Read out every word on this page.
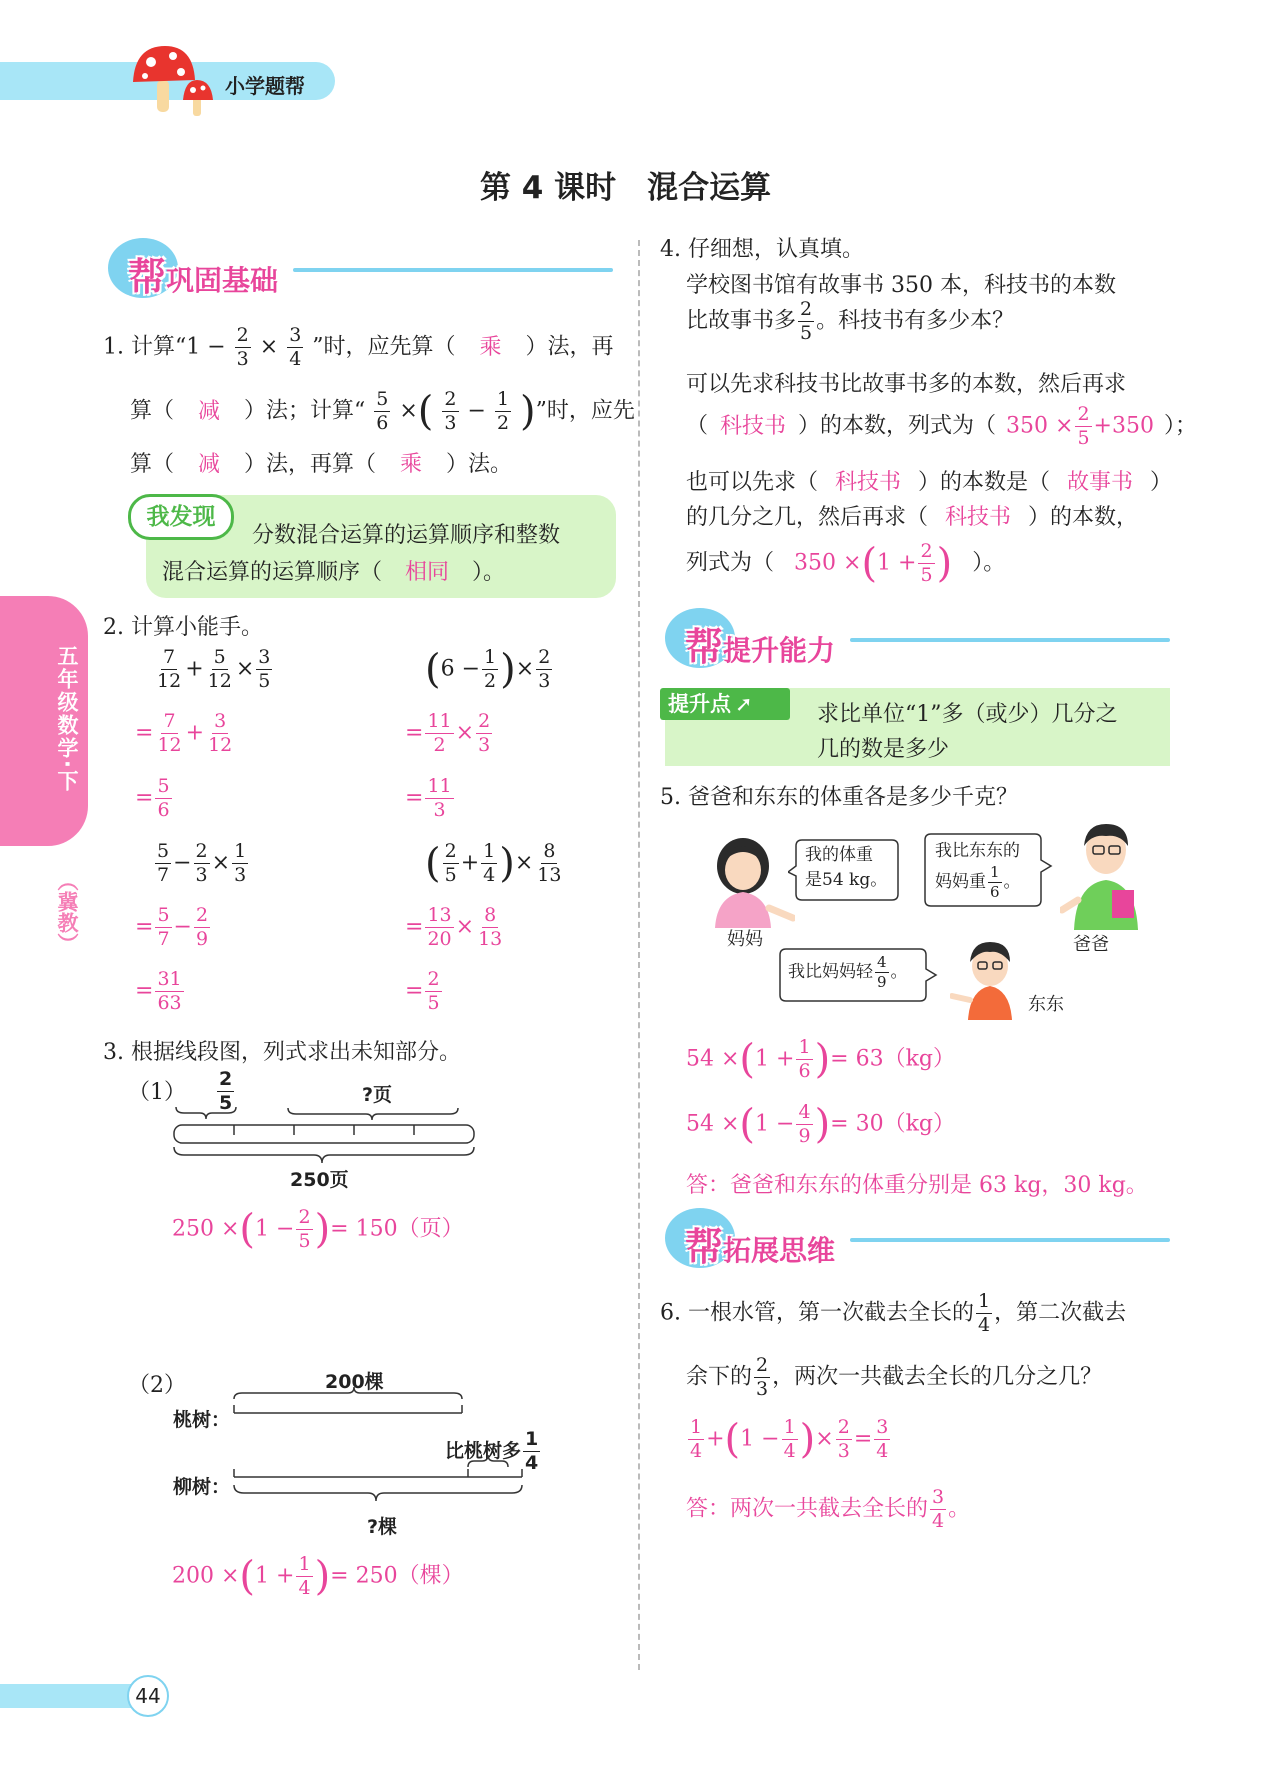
小学题帮
第 4 课时　混合运算
五年级数学·下
（冀教）
44
帮巩固基础
1. 计算“$1 - \frac{2}{3} \times \frac{3}{4}$ ”时，应先算（ 乘 ）法，再
算（ 减 ）法；计算“ $\frac{5}{6}$ ×( $\frac{2}{3} - \frac{1}{2}$ )”时，应先
算（ 减 ）法，再算（ 乘 ）法。
我发现
分数混合运算的运算顺序和整数
混合运算的运算顺序（ 相同 ）。
2. 计算小能手。
$\frac{7}{12} + \frac{5}{12} \times \frac{3}{5}$
= $\frac{7}{12} + \frac{3}{12}$
= $\frac{5}{6}$
($6 - \frac{1}{2}$ )× $\frac{2}{3}$
= $\frac{11}{2} \times \frac{2}{3}$
= $\frac{11}{3}$
$\frac{5}{7} - \frac{2}{3} \times \frac{1}{3}$
= $\frac{5}{7} - \frac{2}{9}$
= $\frac{31}{63}$
( $\frac{2}{5} + \frac{1}{4}$ )× $\frac{8}{13}$
= $\frac{13}{20} \times \frac{8}{13}$
= $\frac{2}{5}$
3. 根据线段图，列式求出未知部分。
$(1) \frac{2}{5}$	?页
250页
$250 \times(1 - \frac{2}{5}$ )= 150（页）
（2）	200棵
桃树：
柳树：
比桃树多 $\frac{1}{4}$
?棵
$200 \times(1 + \frac{1}{4}$ )= 250（棵）
4. 仔细想，认真填。
学校图书馆有故事书 350 本，科技书的本数
比故事书多 $\frac{2}{5}$ 。科技书有多少本？
可以先求科技书比故事书多的本数，然后再求
（ 科技书 ）的本数，列式为（ $350 \times \frac{2}{5} +350$ ）；
也可以先求（ 科技书 ）的本数是（ 故事书 ）
的几分之几，然后再求（ 科技书 ）的本数，
列式为（ $350 \times(1 + \frac{2}{5}$ ) ）。
帮提升能力
提升点 ➚	求比单位“1”多（或少）几分之
几的数是多少
5. 爸爸和东东的体重各是多少千克？
我的体重
是54 kg。
妈妈
我比东东的
妈妈重 $\frac{1}{6}$ 。
爸爸
我比妈妈轻 $\frac{4}{9}$ 。
东东
$54 \times(1 + \frac{1}{6}$ )= 63（kg）
$54 \times(1 - \frac{4}{9}$ )= 30（kg）
答：爸爸和东东的体重分别是 63 kg，30 kg。
帮拓展思维
6. 一根水管，第一次截去全长的 $\frac{1}{4}$ ，第二次截去
余下的 $\frac{2}{3}$ ，两次一共截去全长的几分之几？
$\frac{1}{4} +(1 - \frac{1}{4}$ )× $\frac{2}{3} = \frac{3}{4}$
答：两次一共截去全长的 $\frac{3}{4}$ 。
